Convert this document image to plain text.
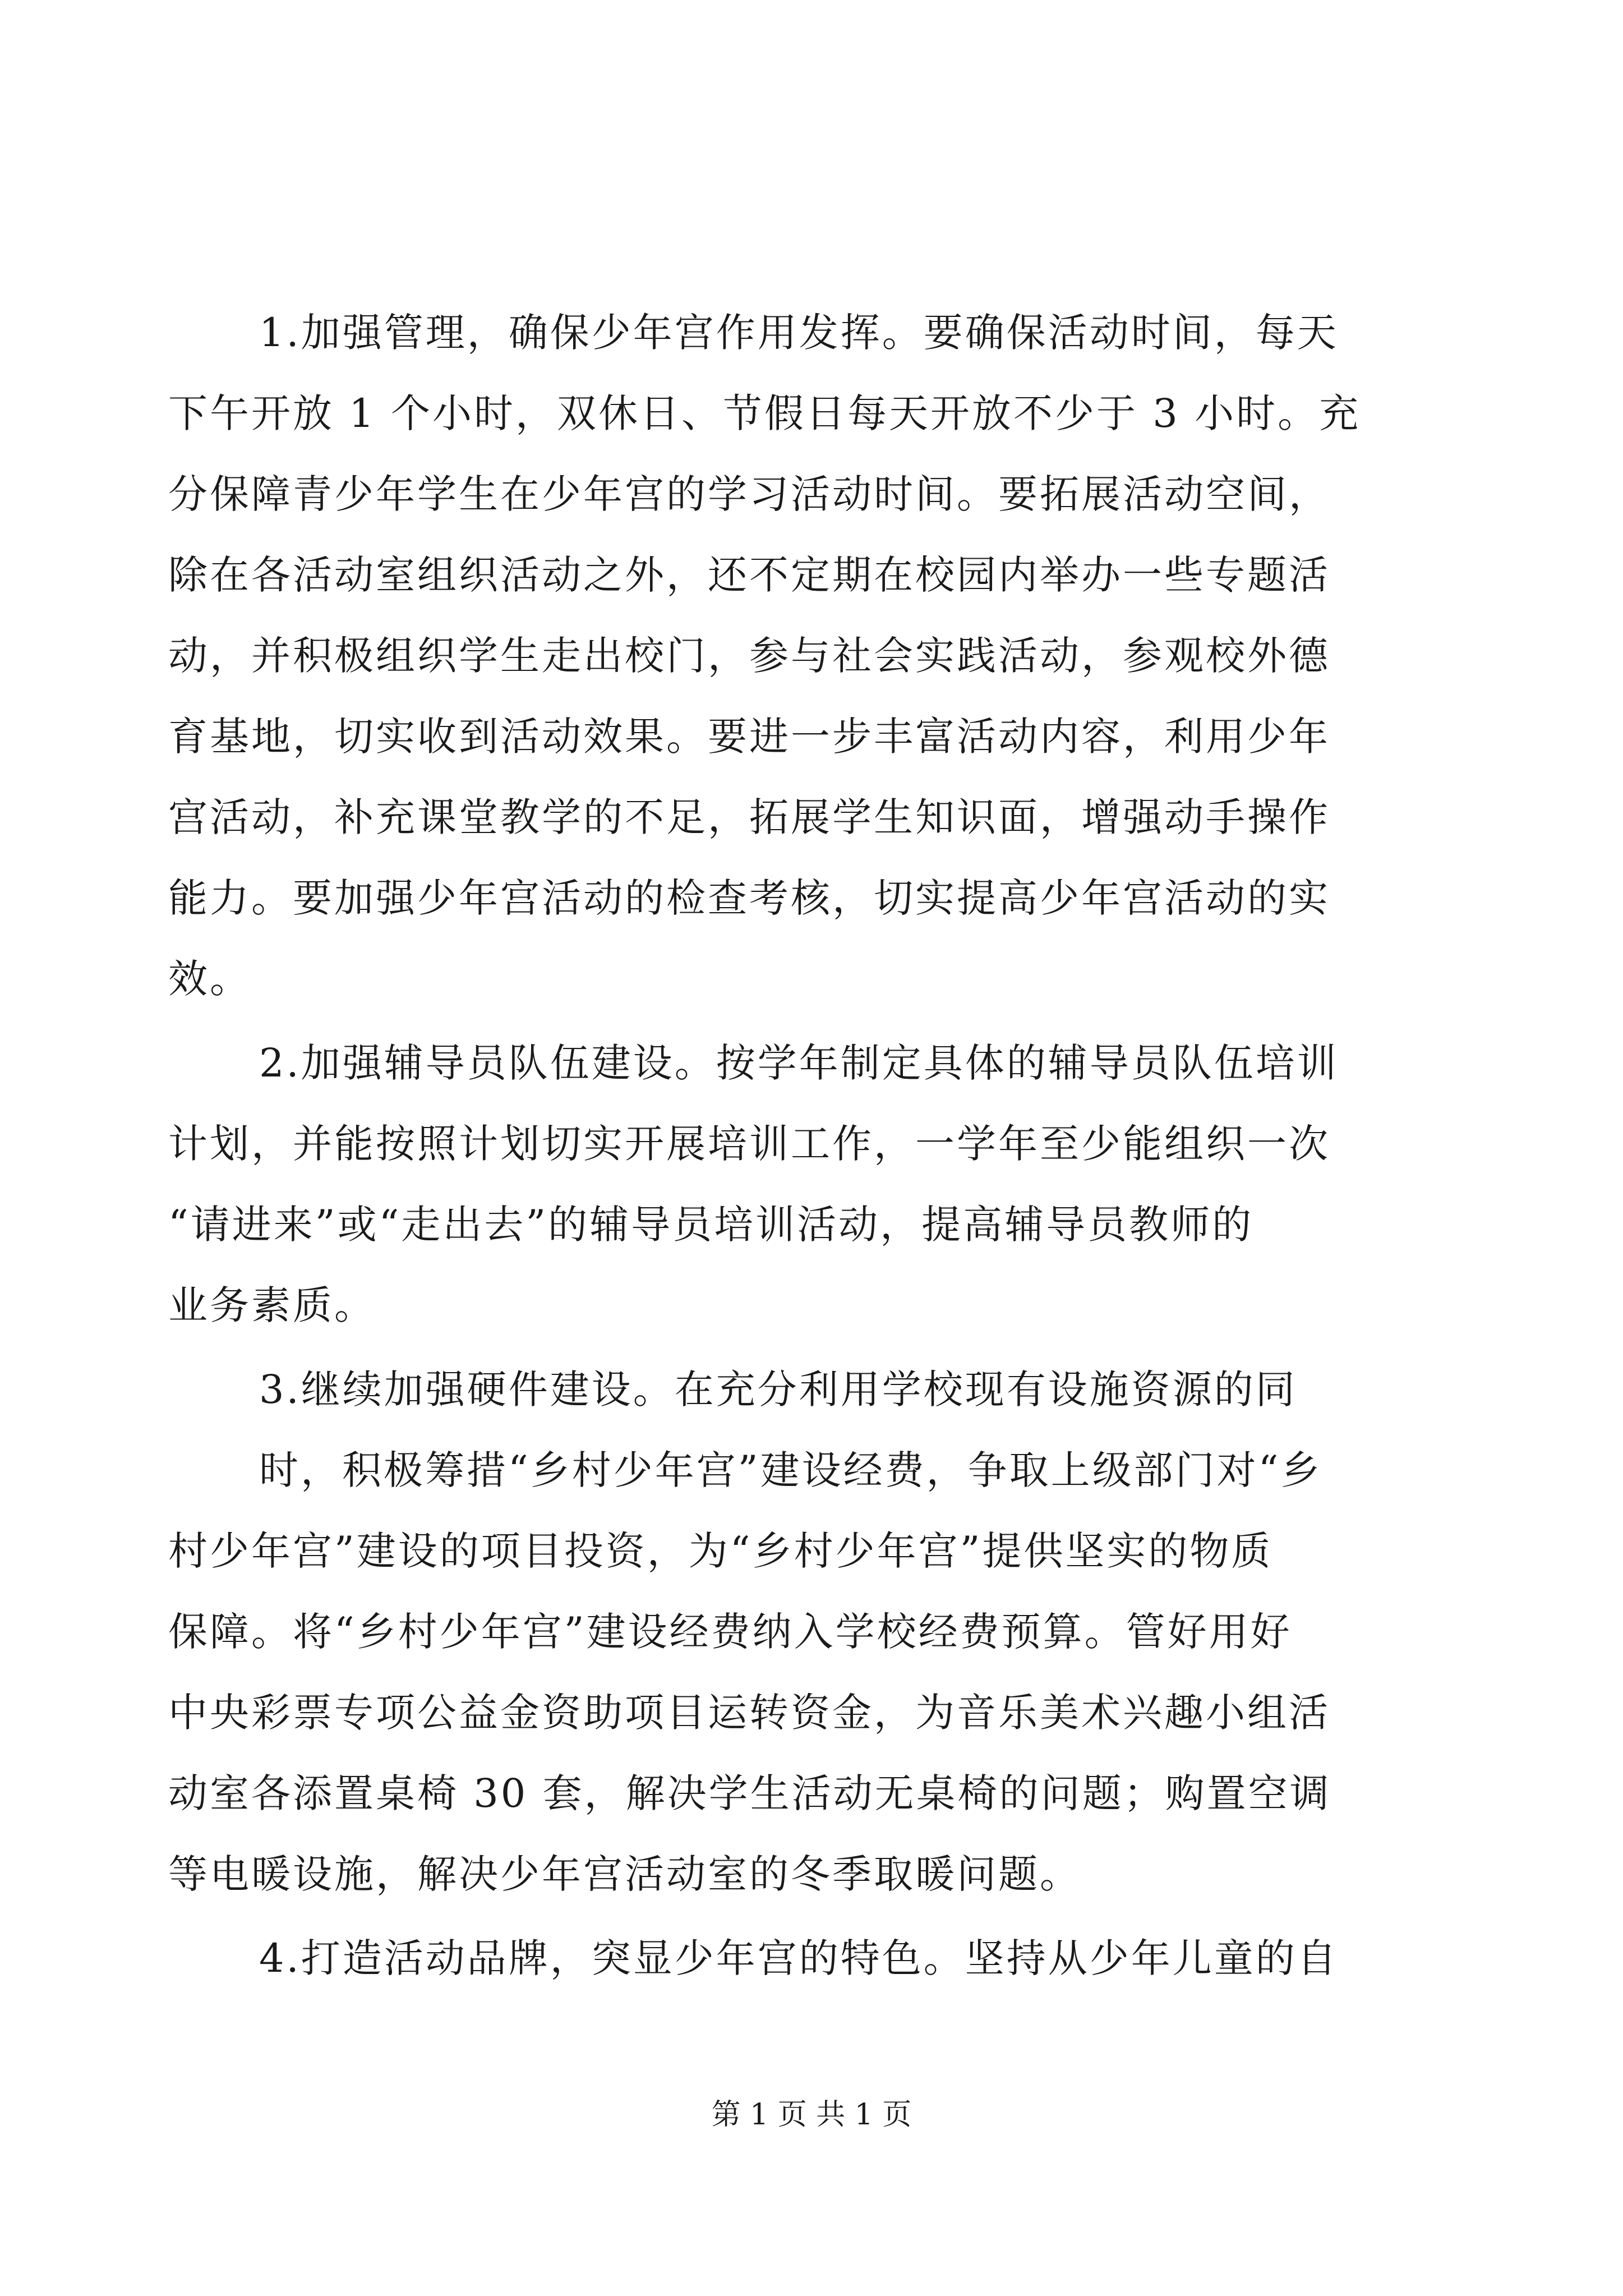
1.加强管理，确保少年宫作用发挥。要确保活动时间，每天
下午开放 1 个小时，双休日、节假日每天开放不少于 3 小时。充
分保障青少年学生在少年宫的学习活动时间。要拓展活动空间，
除在各活动室组织活动之外，还不定期在校园内举办一些专题活
动，并积极组织学生走出校门，参与社会实践活动，参观校外德
育基地，切实收到活动效果。要进一步丰富活动内容，利用少年
宫活动，补充课堂教学的不足，拓展学生知识面，增强动手操作
能力。要加强少年宫活动的检查考核，切实提高少年宫活动的实
效。
2.加强辅导员队伍建设。按学年制定具体的辅导员队伍培训
计划，并能按照计划切实开展培训工作，一学年至少能组织一次
“请进来”或“走出去”的辅导员培训活动，提高辅导员教师的
业务素质。
3.继续加强硬件建设。在充分利用学校现有设施资源的同
时，积极筹措“乡村少年宫”建设经费，争取上级部门对“乡
村少年宫”建设的项目投资，为“乡村少年宫”提供坚实的物质
保障。将“乡村少年宫”建设经费纳入学校经费预算。管好用好
中央彩票专项公益金资助项目运转资金，为音乐美术兴趣小组活
动室各添置桌椅 30 套，解决学生活动无桌椅的问题；购置空调
等电暖设施，解决少年宫活动室的冬季取暖问题。
4.打造活动品牌，突显少年宫的特色。坚持从少年儿童的自
第 1 页 共 1 页
